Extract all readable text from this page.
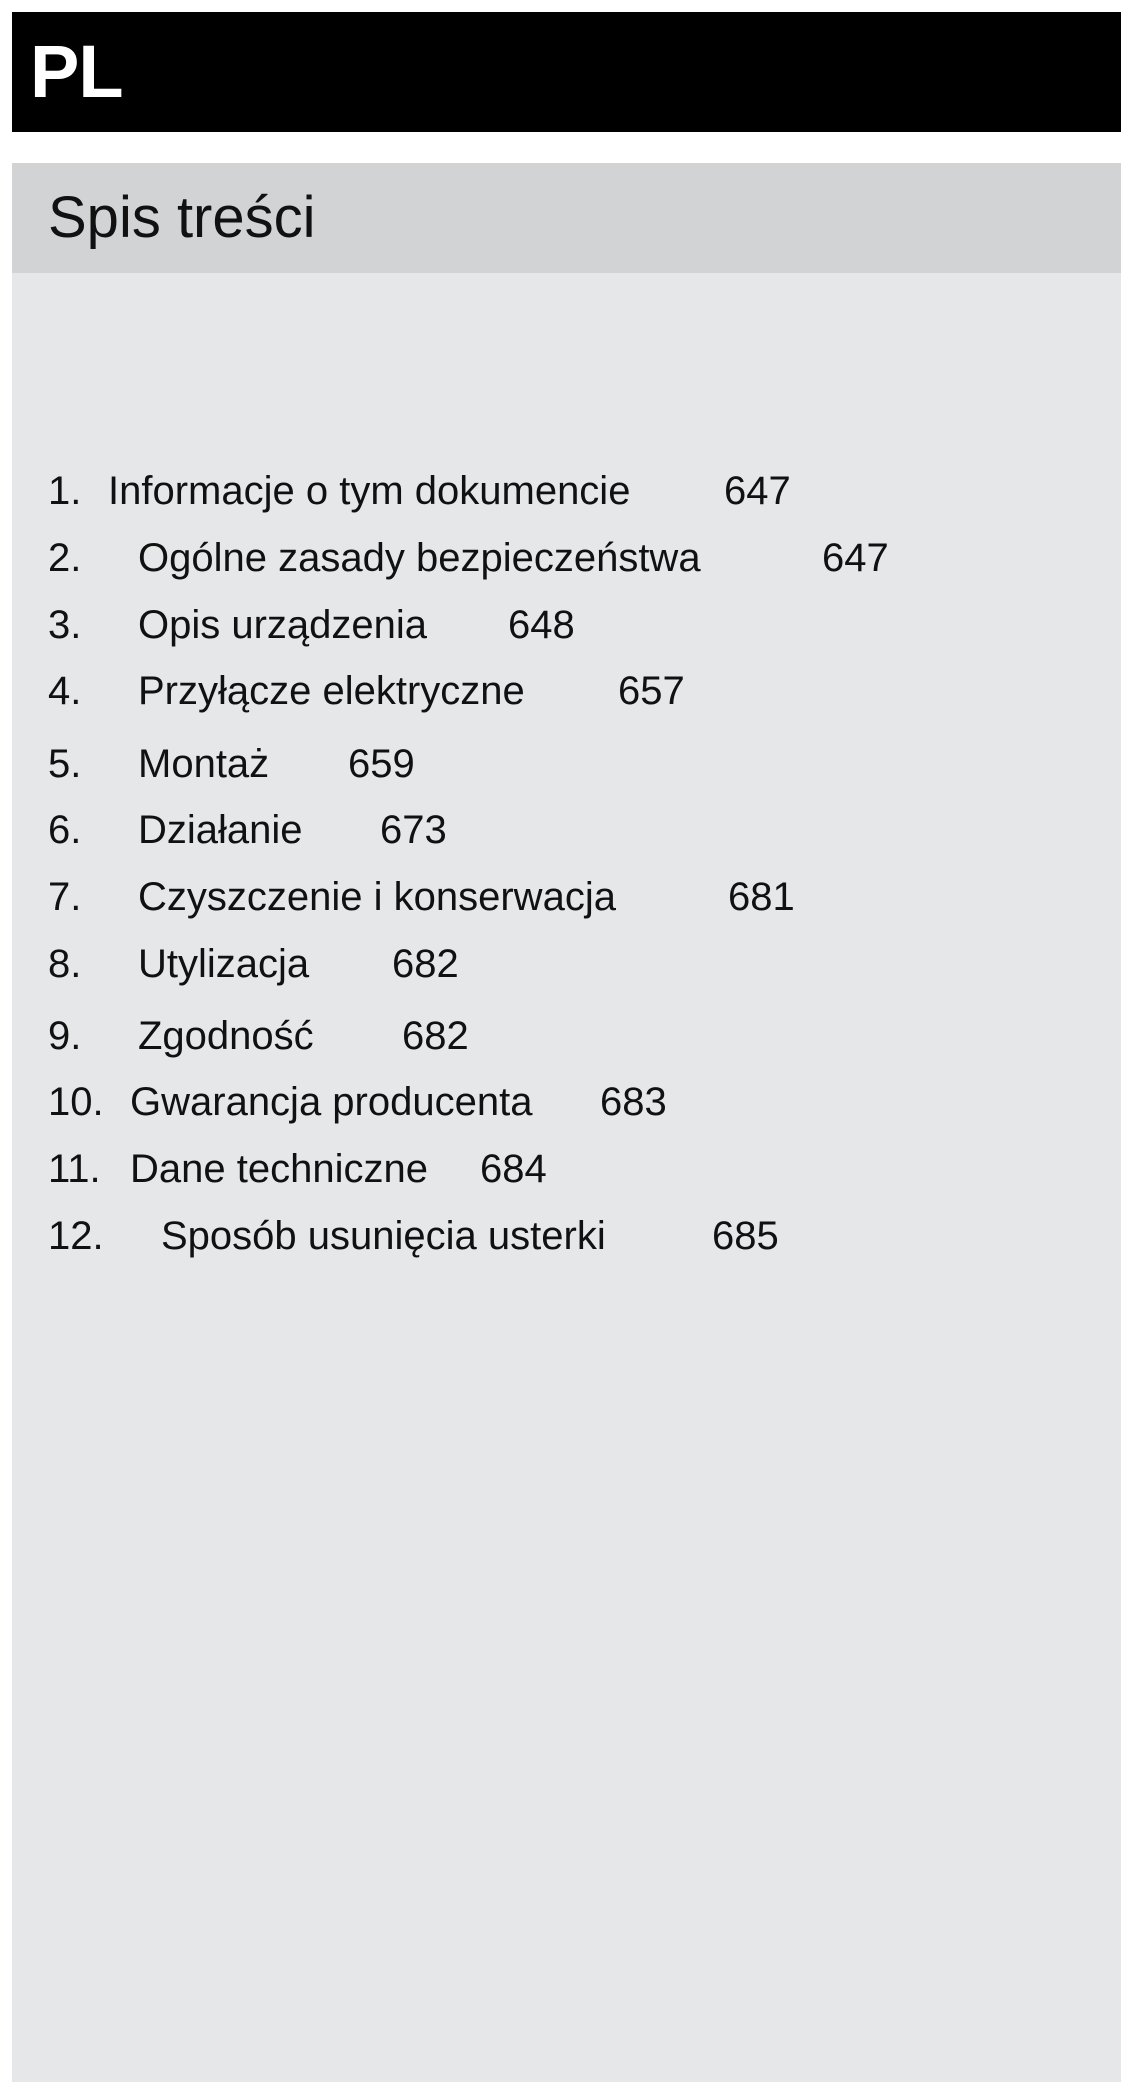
PL
Spis treści
1. Informacje o tym dokumencie 647
2. Ogólne zasady bezpieczeństwa	647
3. Opis urządzenia 648
4. Przyłącze elektryczne 657
5. Montaż 659
6. Działanie 673
7. Czyszczenie i konserwacja	681
8. Utylizacja 682
9. Zgodność 682
10. Gwarancja producenta 683
11. Dane techniczne 684
12. Sposób usunięcia usterki	685
